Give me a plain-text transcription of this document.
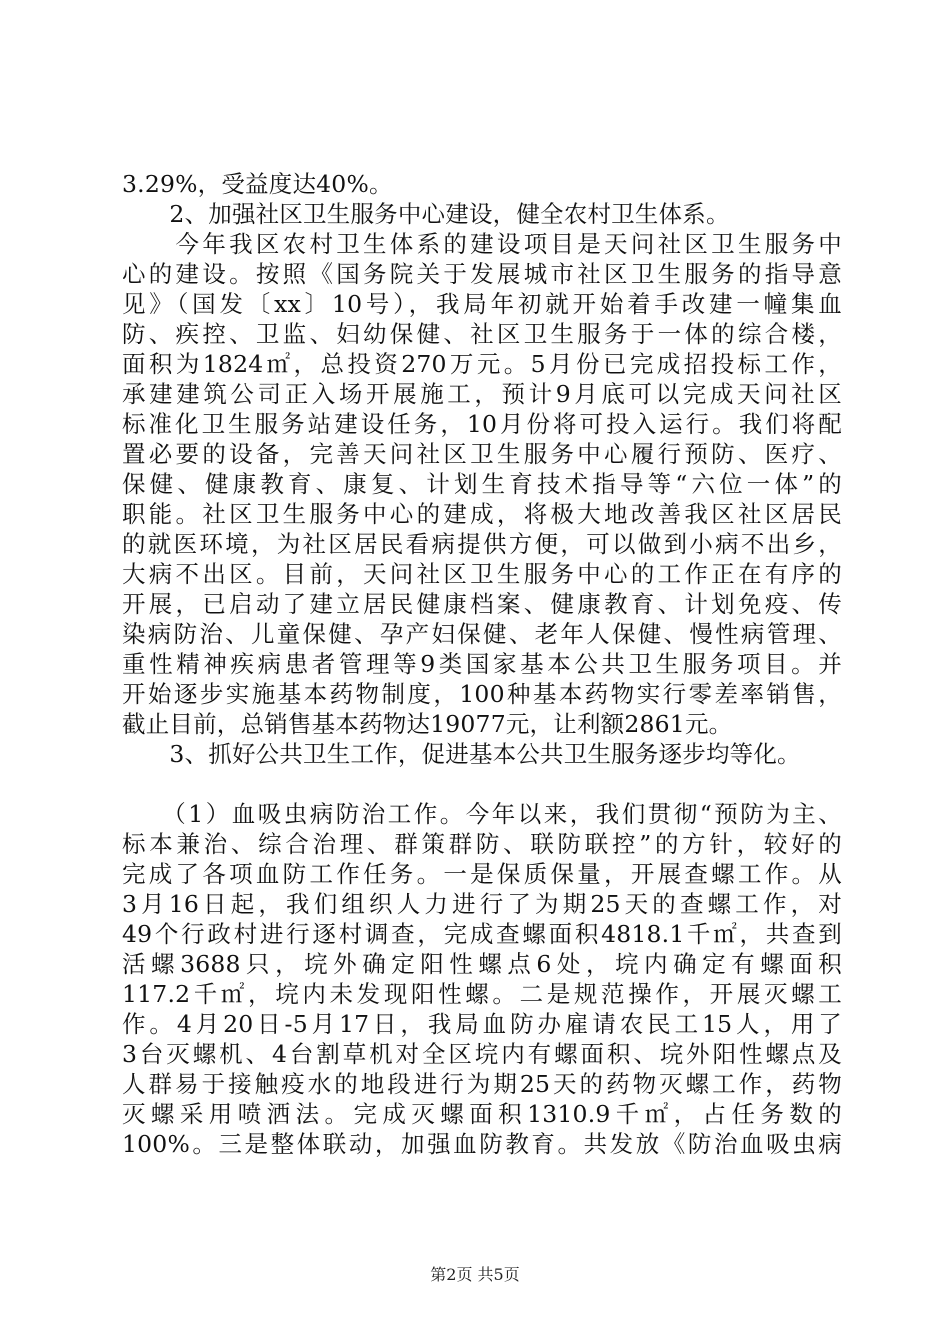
3.29%，受益度达40%。
　　2、加强社区卫生服务中心建设，健全农村卫生体系。
　　今年我区农村卫生体系的建设项目是天问社区卫生服务中
心的建设。按照《国务院关于发展城市社区卫生服务的指导意
见》（国发〔xx〕10号），我局年初就开始着手改建一幢集血
防、疾控、卫监、妇幼保健、社区卫生服务于一体的综合楼，
面积为1824㎡，总投资270万元。5月份已完成招投标工作，
承建建筑公司正入场开展施工，预计9月底可以完成天问社区
标准化卫生服务站建设任务，10月份将可投入运行。我们将配
置必要的设备，完善天问社区卫生服务中心履行预防、医疗、
保健、健康教育、康复、计划生育技术指导等“六位一体”的
职能。社区卫生服务中心的建成，将极大地改善我区社区居民
的就医环境，为社区居民看病提供方便，可以做到小病不出乡，
大病不出区。目前，天问社区卫生服务中心的工作正在有序的
开展，已启动了建立居民健康档案、健康教育、计划免疫、传
染病防治、儿童保健、孕产妇保健、老年人保健、慢性病管理、
重性精神疾病患者管理等9类国家基本公共卫生服务项目。并
开始逐步实施基本药物制度，100种基本药物实行零差率销售，
截止目前，总销售基本药物达19077元，让利额2861元。
　　3、抓好公共卫生工作，促进基本公共卫生服务逐步均等化。
　　（1）血吸虫病防治工作。今年以来，我们贯彻“预防为主、
标本兼治、综合治理、群策群防、联防联控”的方针，较好的
完成了各项血防工作任务。一是保质保量，开展查螺工作。从
3月16日起，我们组织人力进行了为期25天的查螺工作，对
49个行政村进行逐村调查，完成查螺面积4818.1千㎡，共查到
活螺3688只，垸外确定阳性螺点6处，垸内确定有螺面积
117.2千㎡，垸内未发现阳性螺。二是规范操作，开展灭螺工
作。4月20日-5月17日，我局血防办雇请农民工15人，用了
3台灭螺机、4台割草机对全区垸内有螺面积、垸外阳性螺点及
人群易于接触疫水的地段进行为期25天的药物灭螺工作，药物
灭螺采用喷洒法。完成灭螺面积1310.9千㎡，占任务数的
100%。三是整体联动，加强血防教育。共发放《防治血吸虫病
第2页 共5页
